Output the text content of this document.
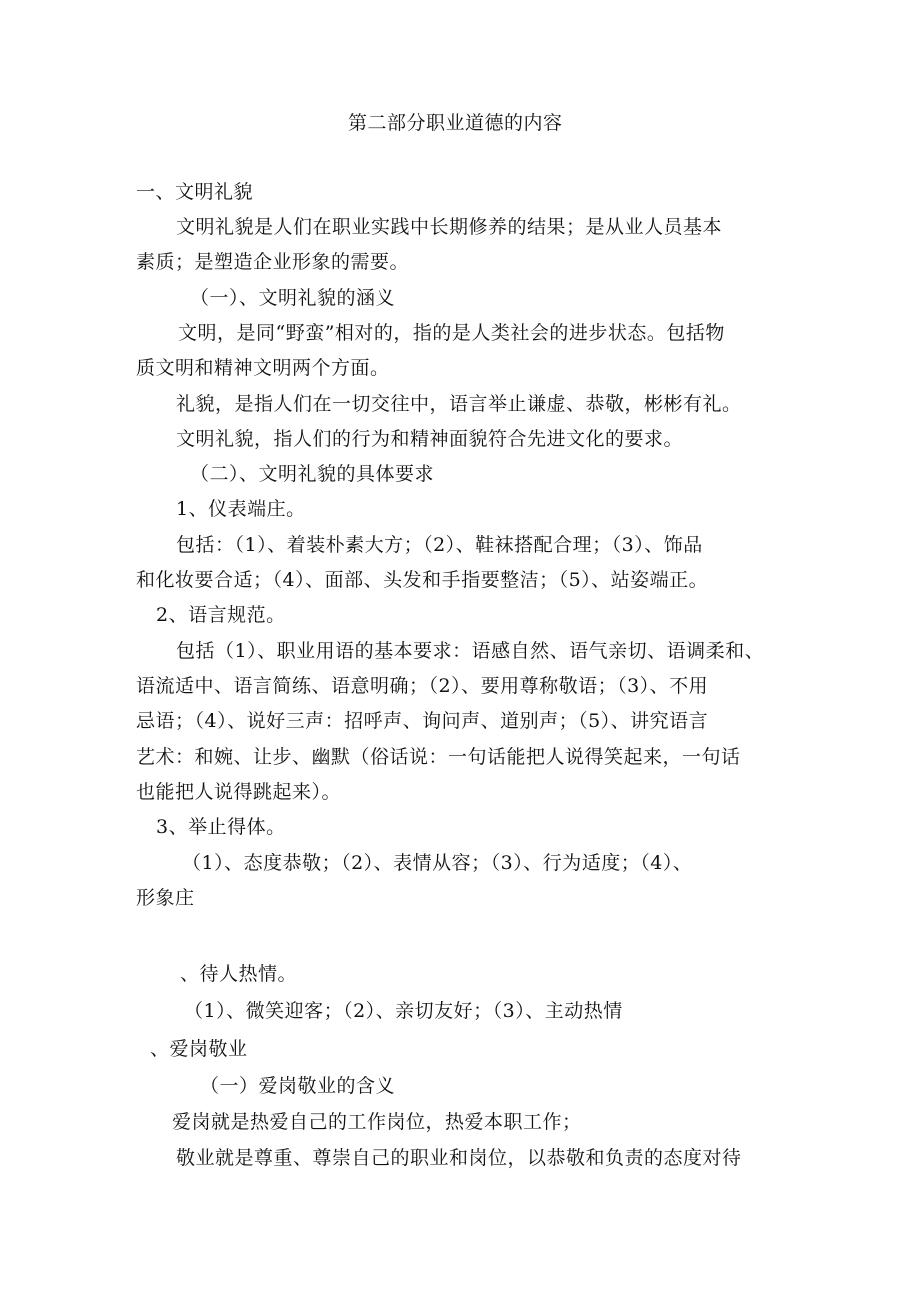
第二部分职业道德的内容
一、文明礼貌
文明礼貌是人们在职业实践中长期修养的结果；是从业人员基本
素质；是塑造企业形象的需要。
（一）、文明礼貌的涵义
文明，是同“野蛮”相对的，指的是人类社会的进步状态。包括物
质文明和精神文明两个方面。
礼貌，是指人们在一切交往中，语言举止谦虚、恭敬，彬彬有礼。
文明礼貌，指人们的行为和精神面貌符合先进文化的要求。
（二）、文明礼貌的具体要求
1、仪表端庄。
包括：（1）、着装朴素大方；（2）、鞋袜搭配合理；（3）、饰品
和化妆要合适；（4）、面部、头发和手指要整洁；（5）、站姿端正。
2、语言规范。
包括（1）、职业用语的基本要求：语感自然、语气亲切、语调柔和、
语流适中、语言简练、语意明确；（2）、要用尊称敬语；（3）、不用
忌语；（4）、说好三声：招呼声、询问声、道别声；（5）、讲究语言
艺术：和婉、让步、幽默（俗话说：一句话能把人说得笑起来，一句话
也能把人说得跳起来）。
3、举止得体。
（1）、态度恭敬；（2）、表情从容；（3）、行为适度；（4）、
形象庄
、待人热情。
（1）、微笑迎客；（2）、亲切友好；（3）、主动热情
、爱岗敬业
（一）爱岗敬业的含义
爱岗就是热爱自己的工作岗位，热爱本职工作；
敬业就是尊重、尊崇自己的职业和岗位，以恭敬和负责的态度对待
